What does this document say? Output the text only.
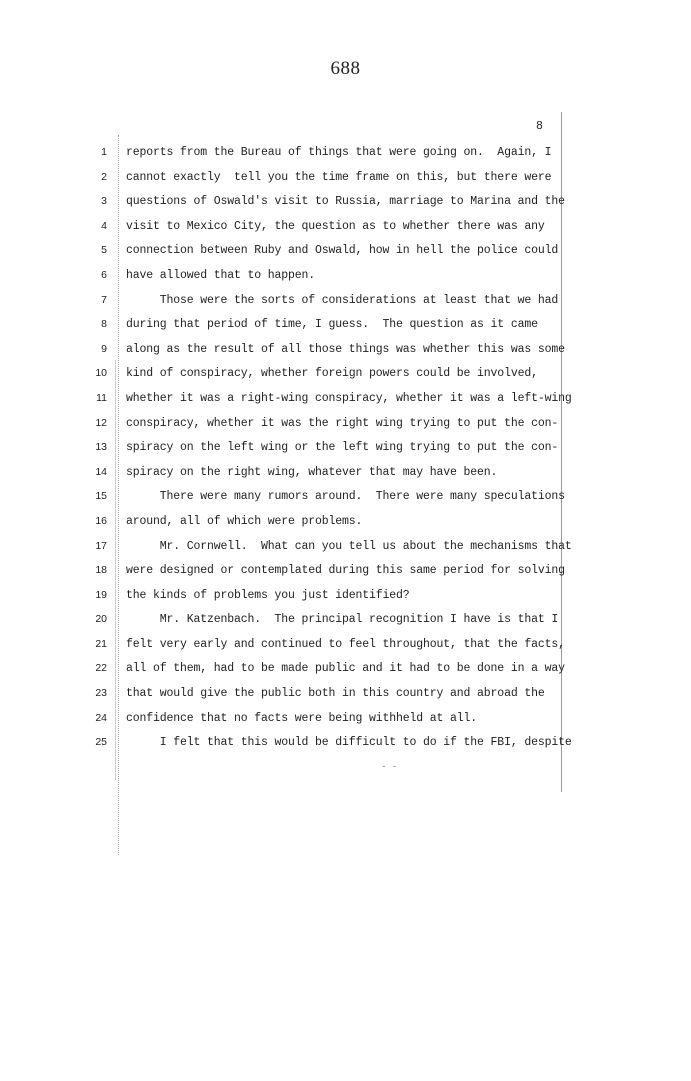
688
8
1 reports from the Bureau of things that were going on.  Again, I
2 cannot exactly  tell you the time frame on this, but there were
3 questions of Oswald's visit to Russia, marriage to Marina and the
4 visit to Mexico City, the question as to whether there was any
5 connection between Ruby and Oswald, how in hell the police could
6 have allowed that to happen.
7 Those were the sorts of considerations at least that we had
8 during that period of time, I guess.  The question as it came
9 along as the result of all those things was whether this was some
10 kind of conspiracy, whether foreign powers could be involved,
11 whether it was a right-wing conspiracy, whether it was a left-wing
12 conspiracy, whether it was the right wing trying to put the con-
13 spiracy on the left wing or the left wing trying to put the con-
14 spiracy on the right wing, whatever that may have been.
15 There were many rumors around.  There were many speculations
16 around, all of which were problems.
17 Mr. Cornwell.  What can you tell us about the mechanisms that
18 were designed or contemplated during this same period for solving
19 the kinds of problems you just identified?
20 Mr. Katzenbach.  The principal recognition I have is that I
21 felt very early and continued to feel throughout, that the facts,
22 all of them, had to be made public and it had to be done in a way
23 that would give the public both in this country and abroad the
24 confidence that no facts were being withheld at all.
25 I felt that this would be difficult to do if the FBI, despite
- -
